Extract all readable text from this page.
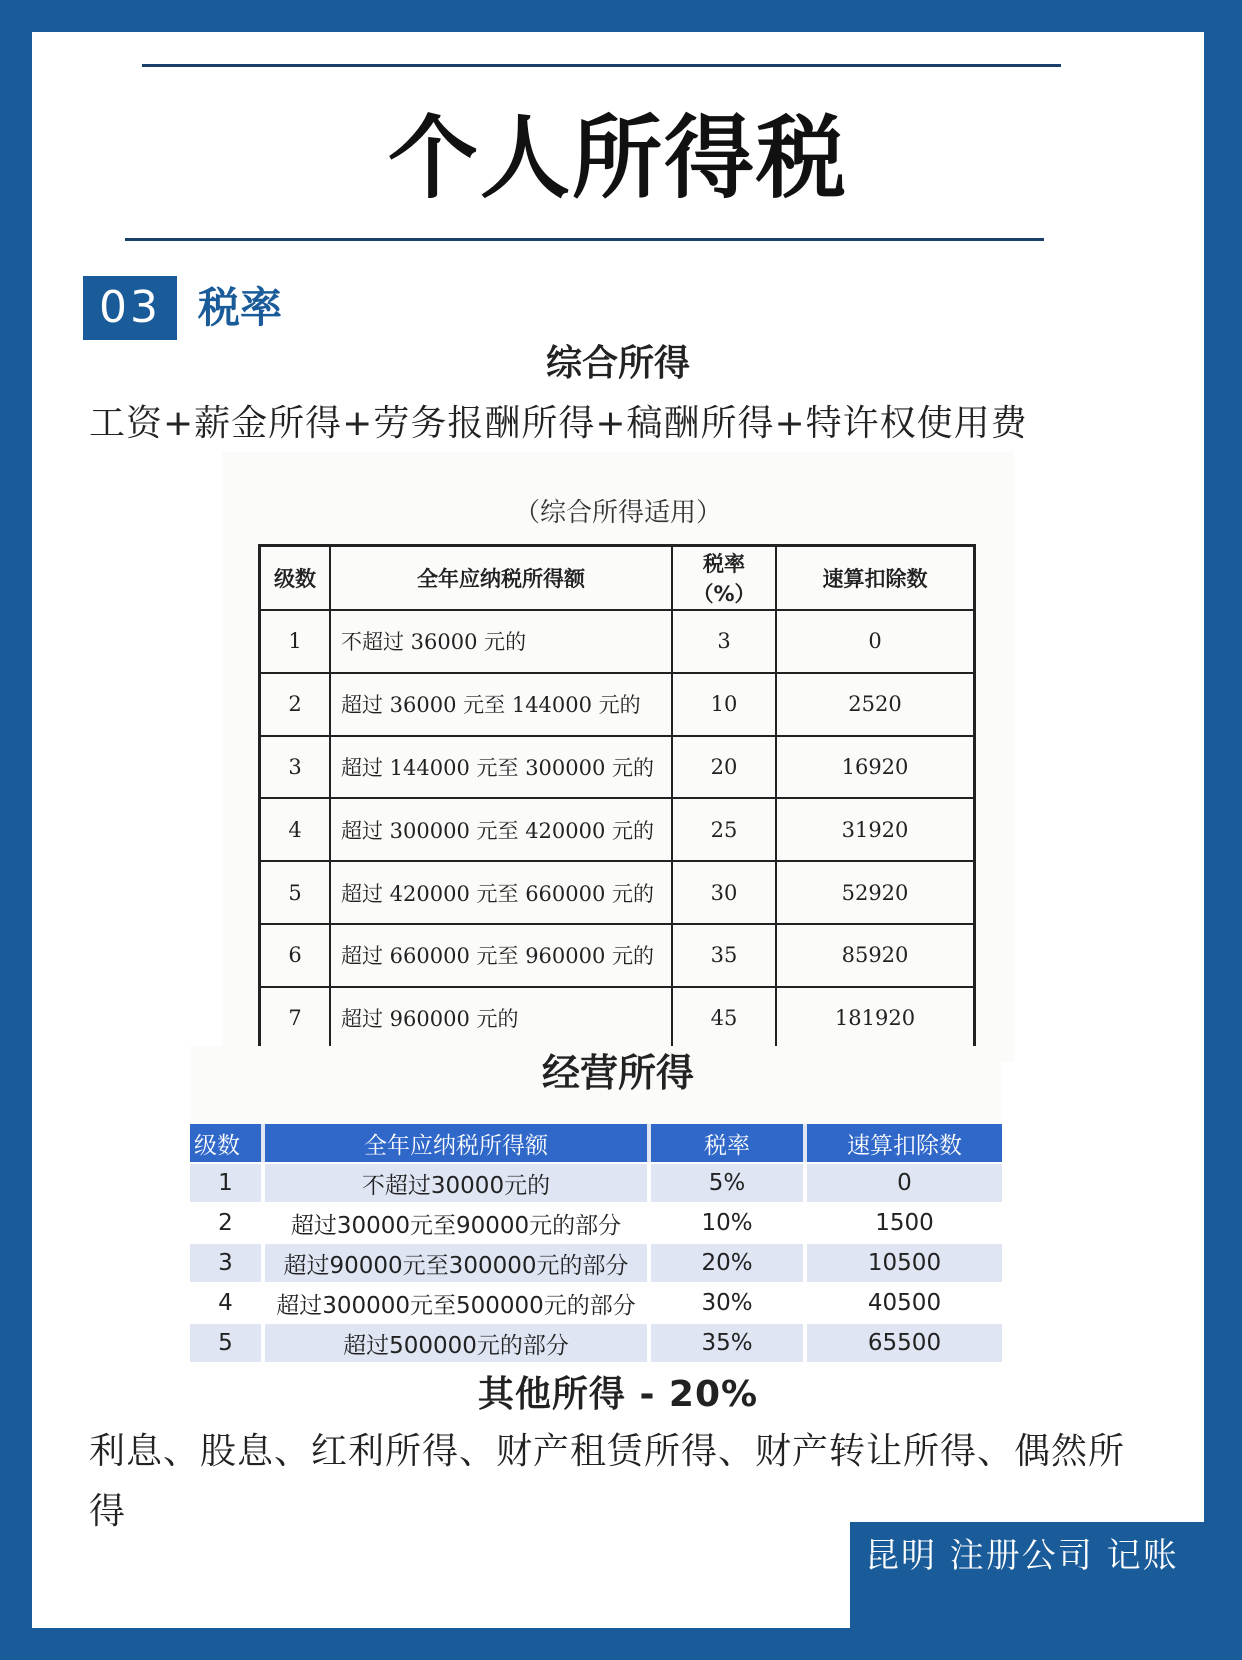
个人所得税
03 税率
综合所得
工资+薪金所得+劳务报酬所得+稿酬所得+特许权使用费
（综合所得适用）
级数	全年应纳税所得额	税率（%）	速算扣除数
1	不超过 36000 元的	3	0
2	超过 36000 元至 144000 元的	10	2520
3	超过 144000 元至 300000 元的	20	16920
4	超过 300000 元至 420000 元的	25	31920
5	超过 420000 元至 660000 元的	30	52920
6	超过 660000 元至 960000 元的	35	85920
7	超过 960000 元的	45	181920
经营所得
级数	全年应纳税所得额	税率	速算扣除数
1	不超过30000元的	5%	0
2	超过30000元至90000元的部分	10%	1500
3	超过90000元至300000元的部分	20%	10500
4	超过300000元至500000元的部分	30%	40500
5	超过500000元的部分	35%	65500
其他所得 - 20%
利息、股息、红利所得、财产租赁所得、财产转让所得、偶然所得
昆明 注册公司 记账
